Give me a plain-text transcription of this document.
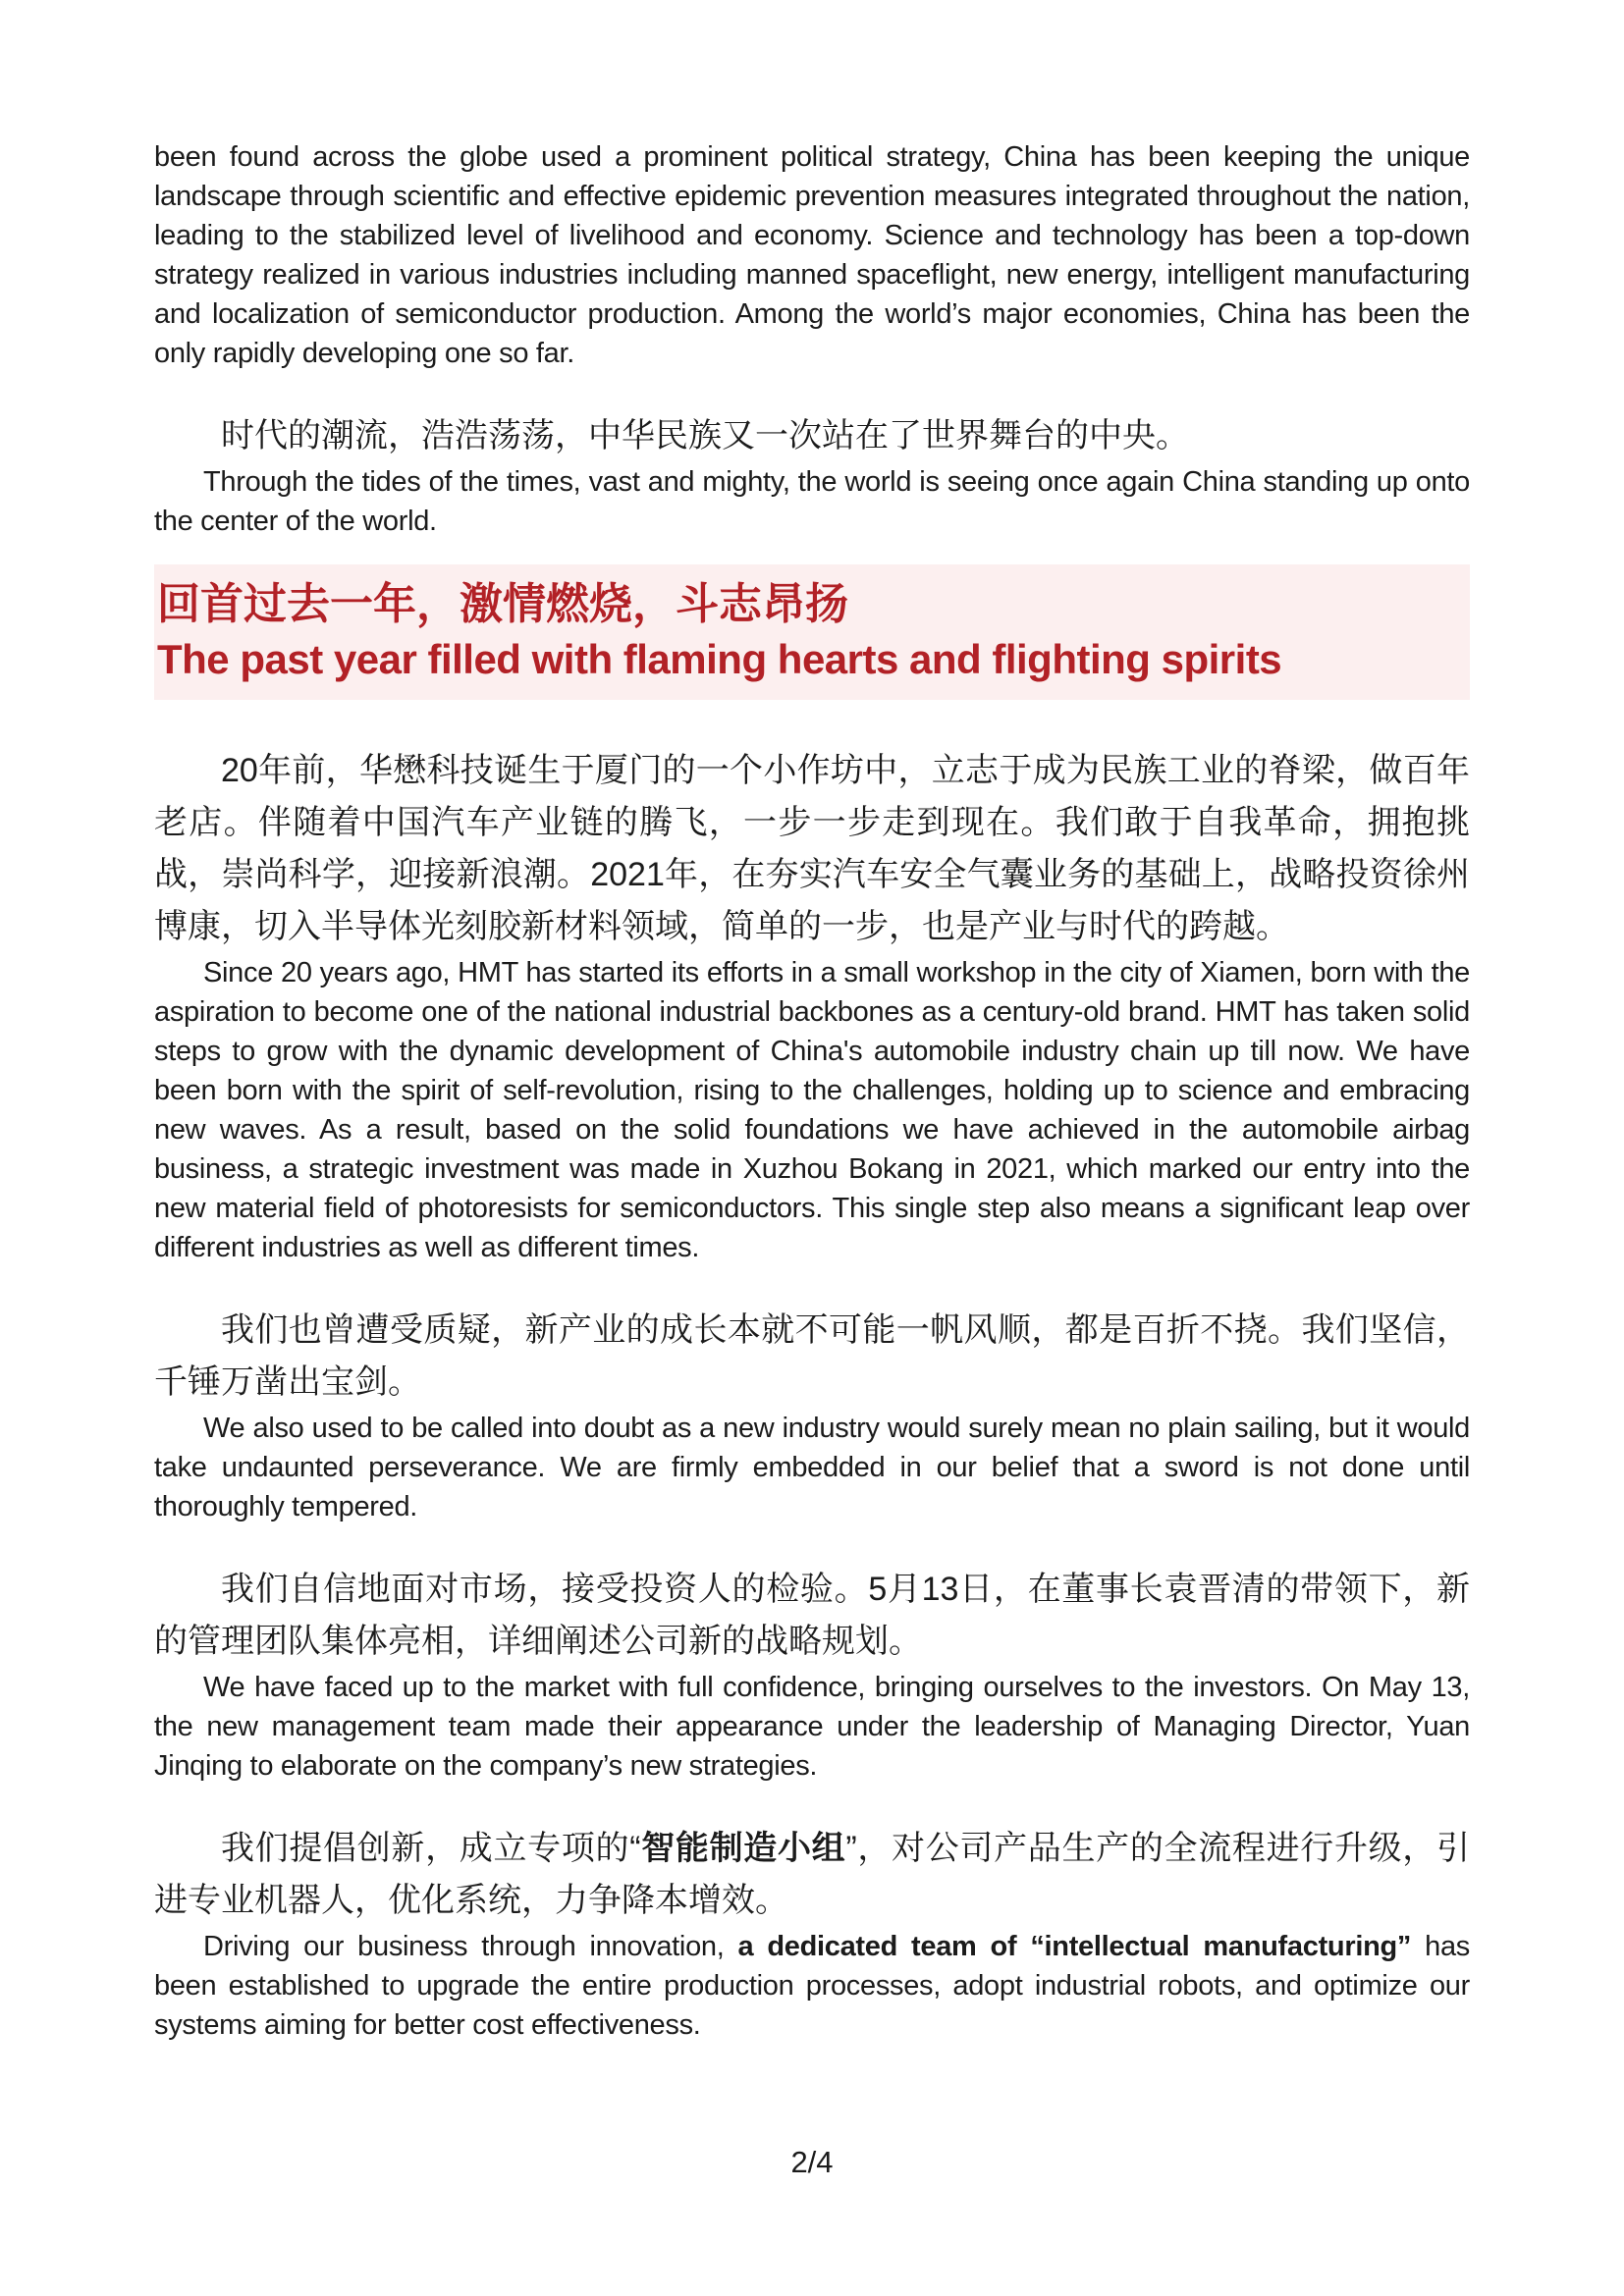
been found across the globe used a prominent political strategy, China has been keeping the unique landscape through scientific and effective epidemic prevention measures integrated throughout the nation, leading to the stabilized level of livelihood and economy. Science and technology has been a top-down strategy realized in various industries including manned spaceflight, new energy, intelligent manufacturing and localization of semiconductor production. Among the world’s major economies, China has been the only rapidly developing one so far.

时代的潮流，浩浩荡荡，中华民族又一次站在了世界舞台的中央。

Through the tides of the times, vast and mighty, the world is seeing once again China standing up onto the center of the world.

回首过去一年，激情燃烧，斗志昂扬
The past year filled with flaming hearts and flighting spirits

20年前，华懋科技诞生于厦门的一个小作坊中，立志于成为民族工业的脊梁，做百年老店。伴随着中国汽车产业链的腾飞，一步一步走到现在。我们敢于自我革命，拥抱挑战，崇尚科学，迎接新浪潮。2021年，在夯实汽车安全气囊业务的基础上，战略投资徐州博康，切入半导体光刻胶新材料领域，简单的一步，也是产业与时代的跨越。

Since 20 years ago, HMT has started its efforts in a small workshop in the city of Xiamen, born with the aspiration to become one of the national industrial backbones as a century-old brand. HMT has taken solid steps to grow with the dynamic development of China's automobile industry chain up till now. We have been born with the spirit of self-revolution, rising to the challenges, holding up to science and embracing new waves. As a result, based on the solid foundations we have achieved in the automobile airbag business, a strategic investment was made in Xuzhou Bokang in 2021, which marked our entry into the new material field of photoresists for semiconductors. This single step also means a significant leap over different industries as well as different times.

我们也曾遭受质疑，新产业的成长本就不可能一帆风顺，都是百折不挠。我们坚信，千锤万凿出宝剑。

We also used to be called into doubt as a new industry would surely mean no plain sailing, but it would take undaunted perseverance. We are firmly embedded in our belief that a sword is not done until thoroughly tempered.

我们自信地面对市场，接受投资人的检验。5月13日，在董事长袁晋清的带领下，新的管理团队集体亮相，详细阐述公司新的战略规划。

We have faced up to the market with full confidence, bringing ourselves to the investors. On May 13, the new management team made their appearance under the leadership of Managing Director, Yuan Jinqing to elaborate on the company’s new strategies.

我们提倡创新，成立专项的“智能制造小组”，对公司产品生产的全流程进行升级，引进专业机器人，优化系统，力争降本增效。

Driving our business through innovation, a dedicated team of “intellectual manufacturing” has been established to upgrade the entire production processes, adopt industrial robots, and optimize our systems aiming for better cost effectiveness.

2/4
